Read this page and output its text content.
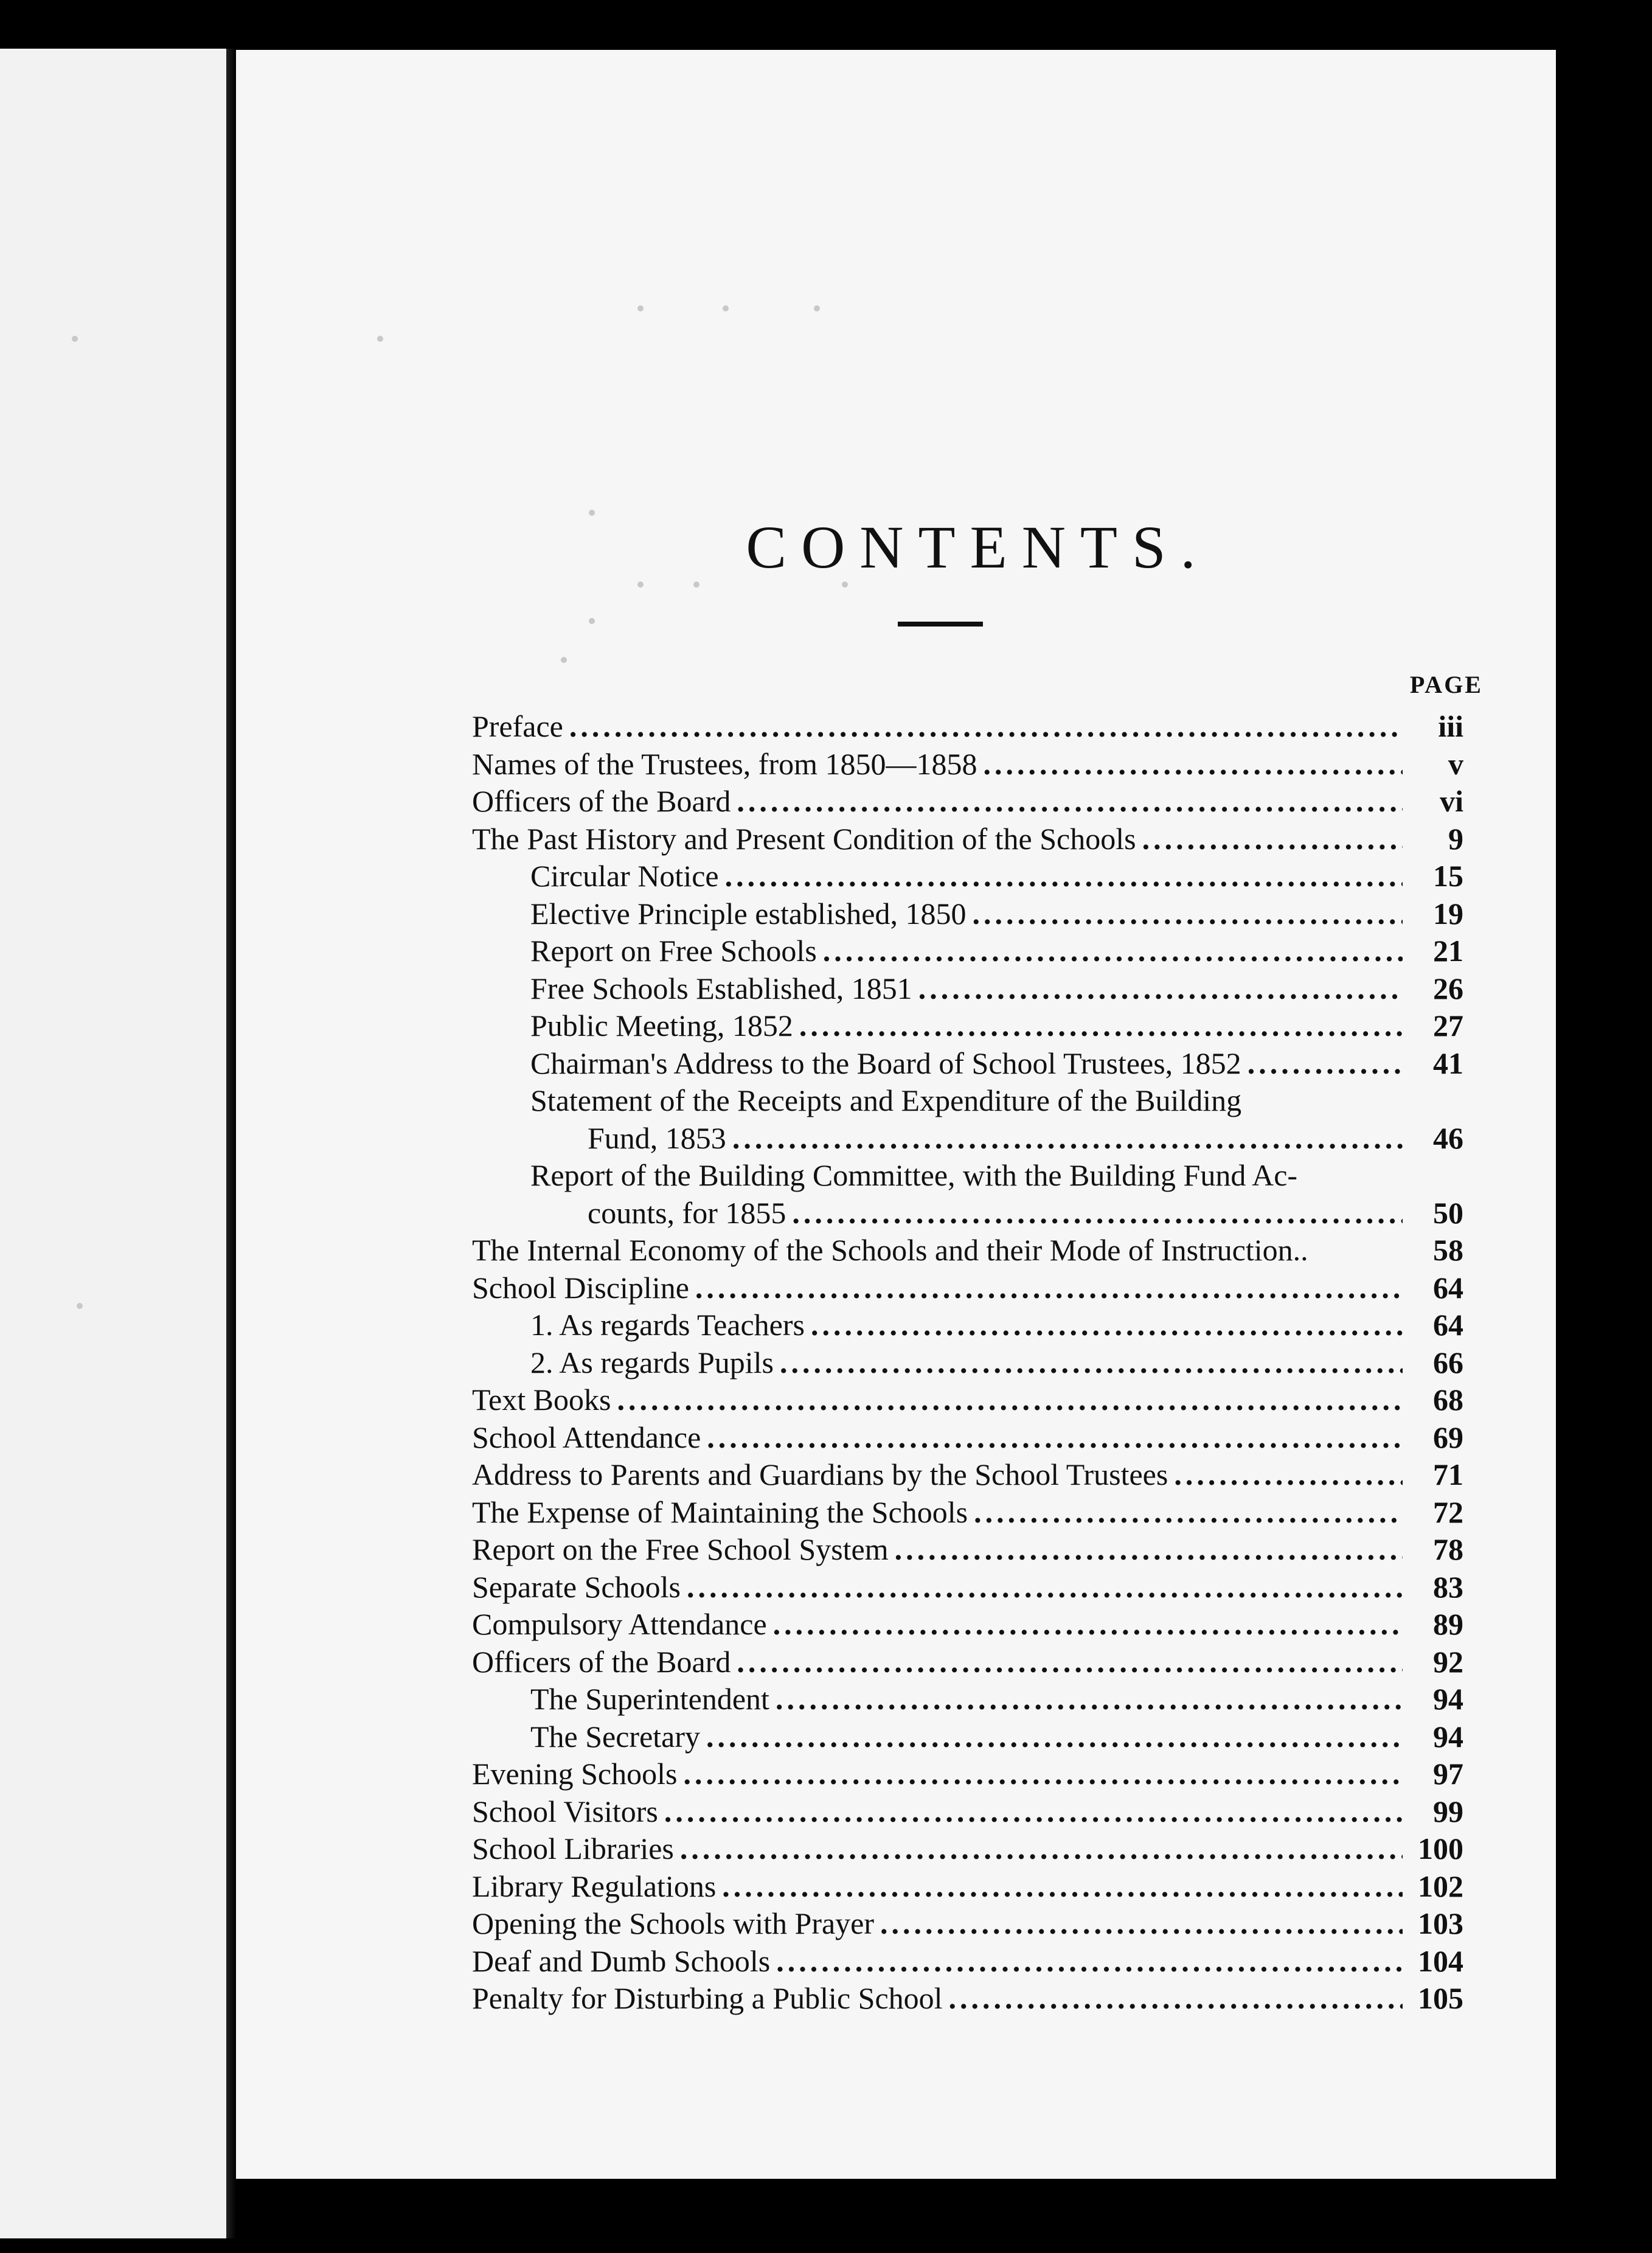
CONTENTS.
PAGE
Preface .....	iii
Names of the Trustees, from 1850—1858 .....	v
Officers of the Board .....	vi
The Past History and Present Condition of the Schools .....	9
Circular Notice .....	15
Elective Principle established, 1850 .....	19
Report on Free Schools .....	21
Free Schools Established, 1851 .....	26
Public Meeting, 1852 .....	27
Chairman's Address to the Board of School Trustees, 1852 .....	41
Statement of the Receipts and Expenditure of the Building
Fund, 1853 .....	46
Report of the Building Committee, with the Building Fund Ac-
counts, for 1855 .....	50
The Internal Economy of the Schools and their Mode of Instruction..	58
School Discipline .....	64
1. As regards Teachers .....	64
2. As regards Pupils .....	66
Text Books .....	68
School Attendance .....	69
Address to Parents and Guardians by the School Trustees .....	71
The Expense of Maintaining the Schools .....	72
Report on the Free School System .....	78
Separate Schools .....	83
Compulsory Attendance .....	89
Officers of the Board .....	92
The Superintendent .....	94
The Secretary .....	94
Evening Schools .....	97
School Visitors .....	99
School Libraries .....	100
Library Regulations .....	102
Opening the Schools with Prayer .....	103
Deaf and Dumb Schools .....	104
Penalty for Disturbing a Public School .....	105
